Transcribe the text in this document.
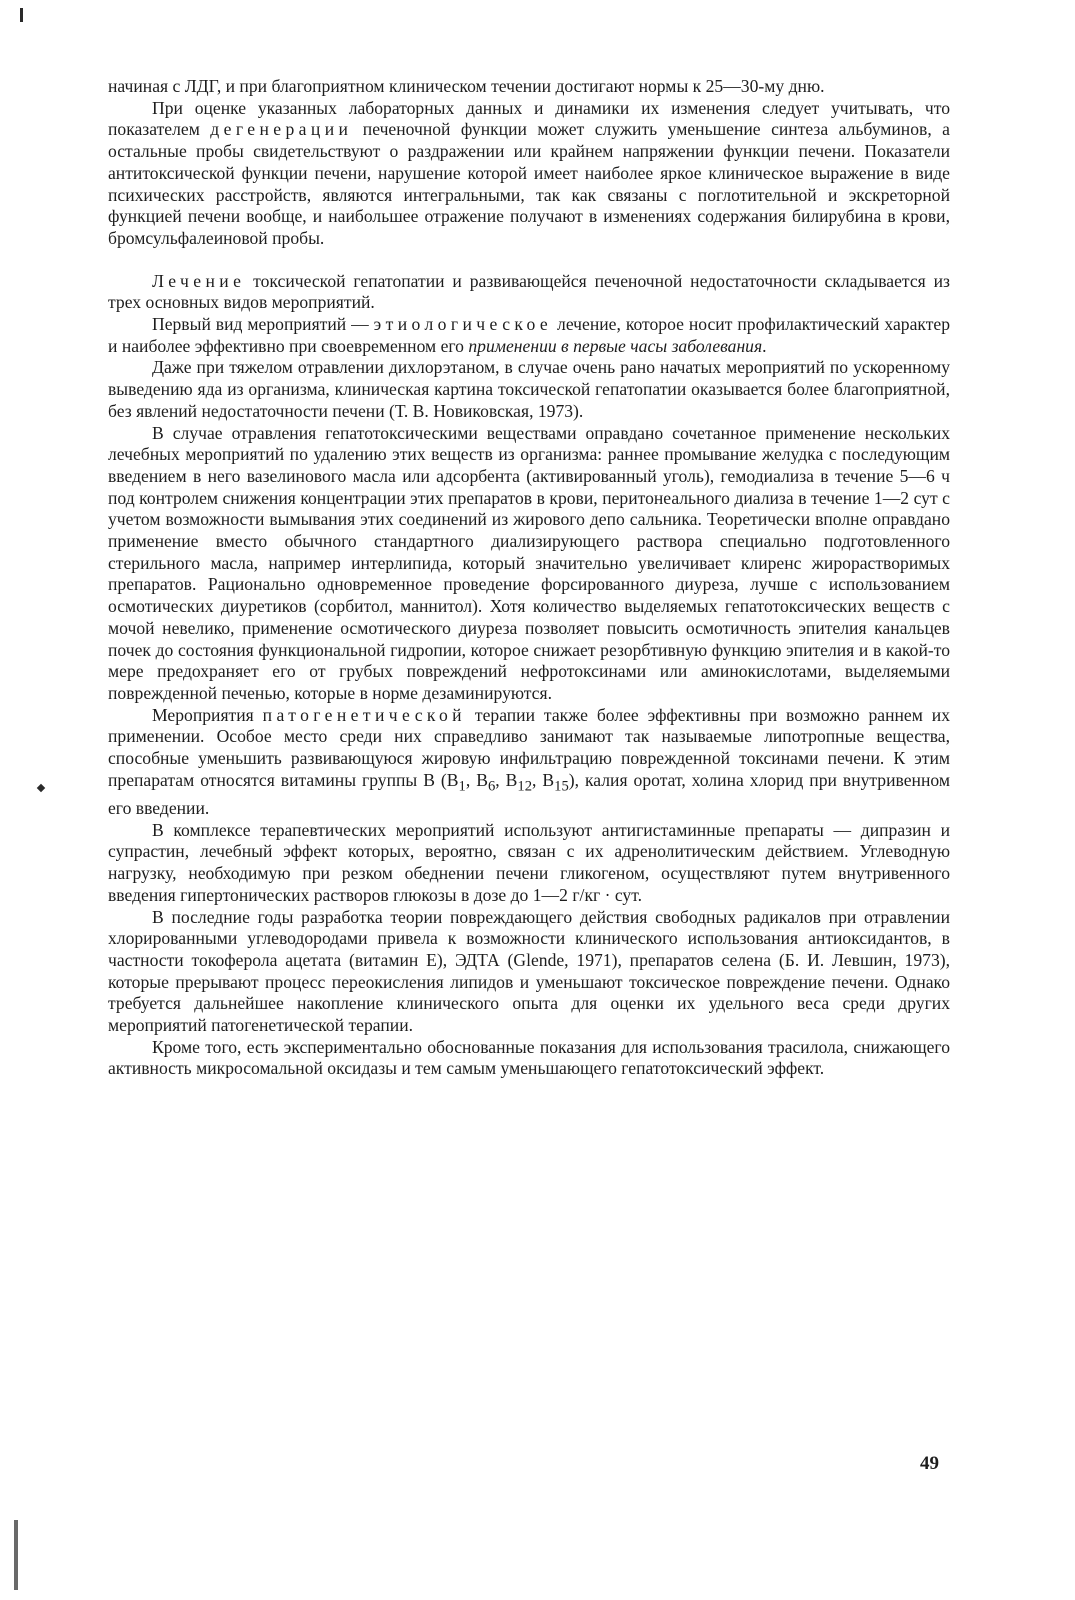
начиная с ЛДГ, и при благоприятном клиническом течении достигают нормы к 25—30-му дню.

При оценке указанных лабораторных данных и динамики их изменения следует учитывать, что показателем дегенерации печеночной функции может служить уменьшение синтеза альбуминов, а остальные пробы свидетельствуют о раздражении или крайнем напряжении функции печени. Показатели антитоксической функции печени, нарушение которой имеет наиболее яркое клиническое выражение в виде психических расстройств, являются интегральными, так как связаны с поглотительной и экскреторной функцией печени вообще, и наибольшее отражение получают в изменениях содержания билирубина в крови, бромсульфалеиновой пробы.

Лечение токсической гепатопатии и развивающейся печеночной недостаточности складывается из трех основных видов мероприятий.

Первый вид мероприятий — этиологическое лечение, которое носит профилактический характер и наиболее эффективно при своевременном его применении в первые часы заболевания.

Даже при тяжелом отравлении дихлорэтаном, в случае очень рано начатых мероприятий по ускоренному выведению яда из организма, клиническая картина токсической гепатопатии оказывается более благоприятной, без явлений недостаточности печени (Т. В. Новиковская, 1973).

В случае отравления гепатотоксическими веществами оправдано сочетанное применение нескольких лечебных мероприятий по удалению этих веществ из организма: раннее промывание желудка с последующим введением в него вазелинового масла или адсорбента (активированный уголь), гемодиализа в течение 5—6 ч под контролем снижения концентрации этих препаратов в крови, перитонеального диализа в течение 1—2 сут с учетом возможности вымывания этих соединений из жирового депо сальника. Теоретически вполне оправдано применение вместо обычного стандартного диализирующего раствора специально подготовленного стерильного масла, например интерлипида, который значительно увеличивает клиренс жирорастворимых препаратов. Рационально одновременное проведение форсированного диуреза, лучше с использованием осмотических диуретиков (сорбитол, маннитол). Хотя количество выделяемых гепатотоксических веществ с мочой невелико, применение осмотического диуреза позволяет повысить осмотичность эпителия канальцев почек до состояния функциональной гидропии, которое снижает резорбтивную функцию эпителия и в какой-то мере предохраняет его от грубых повреждений нефротоксинами или аминокислотами, выделяемыми поврежденной печенью, которые в норме дезаминируются.

Мероприятия патогенетической терапии также более эффективны при возможно раннем их применении. Особое место среди них справедливо занимают так называемые липотропные вещества, способные уменьшить развивающуюся жировую инфильтрацию поврежденной токсинами печени. К этим препаратам относятся витамины группы В ($В_1$, $В_6$, $В_{12}$, $В_{15}$), калия оротат, холина хлорид при внутривенном его введении.

В комплексе терапевтических мероприятий используют антигистаминные препараты — дипразин и супрастин, лечебный эффект которых, вероятно, связан с их адренолитическим действием. Углеводную нагрузку, необходимую при резком обеднении печени гликогеном, осуществляют путем внутривенного введения гипертонических растворов глюкозы в дозе до 1—2 г/кг · сут.

В последние годы разработка теории повреждающего действия свободных радикалов при отравлении хлорированными углеводородами привела к возможности клинического использования антиоксидантов, в частности токоферола ацетата (витамин Е), ЭДТА (Glende, 1971), препаратов селена (Б. И. Левшин, 1973), которые прерывают процесс переокисления липидов и уменьшают токсическое повреждение печени. Однако требуется дальнейшее накопление клинического опыта для оценки их удельного веса среди других мероприятий патогенетической терапии.

Кроме того, есть экспериментально обоснованные показания для использования трасилола, снижающего активность микросомальной оксидазы и тем самым уменьшающего гепатотоксический эффект.

49
